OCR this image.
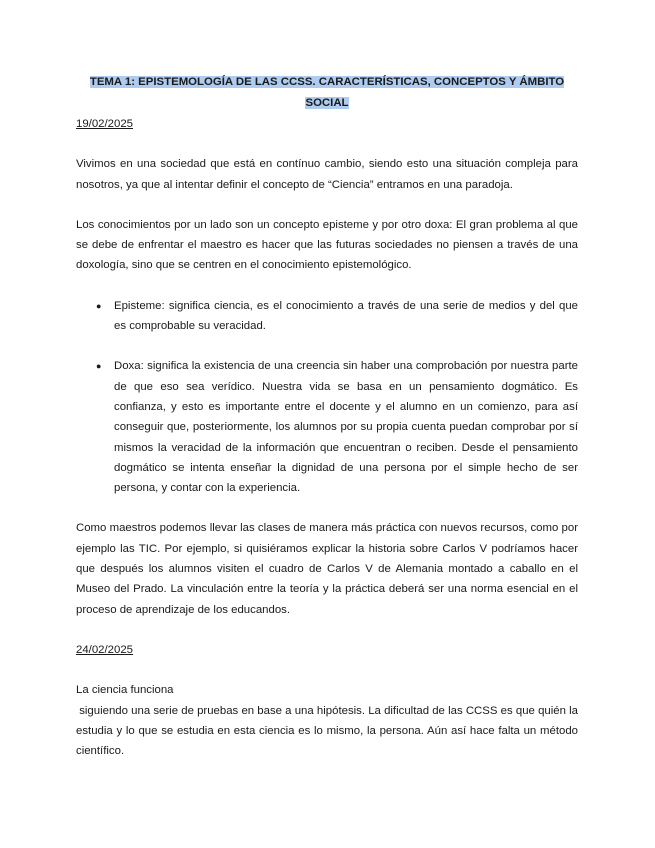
TEMA 1: EPISTEMOLOGÍA DE LAS CCSS. CARACTERÍSTICAS, CONCEPTOS Y ÁMBITO
SOCIAL
19/02/2025

Vivimos en una sociedad que está en contínuo cambio, siendo esto una situación compleja para nosotros, ya que al intentar definir el concepto de “Ciencia” entramos en una paradoja.

Los conocimientos por un lado son un concepto episteme y por otro doxa: El gran problema al que se debe de enfrentar el maestro es hacer que las futuras sociedades no piensen a través de una doxología, sino que se centren en el conocimiento epistemológico.

● Episteme: significa ciencia, es el conocimiento a través de una serie de medios y del que es comprobable su veracidad.
● Doxa: significa la existencia de una creencia sin haber una comprobación por nuestra parte de que eso sea verídico. Nuestra vida se basa en un pensamiento dogmático. Es confianza, y esto es importante entre el docente y el alumno en un comienzo, para así conseguir que, posteriormente, los alumnos por su propia cuenta puedan comprobar por sí mismos la veracidad de la información que encuentran o reciben. Desde el pensamiento dogmático se intenta enseñar la dignidad de una persona por el simple hecho de ser persona, y contar con la experiencia.

Como maestros podemos llevar las clases de manera más práctica con nuevos recursos, como por ejemplo las TIC. Por ejemplo, si quisiéramos explicar la historia sobre Carlos V podríamos hacer que después los alumnos visiten el cuadro de Carlos V de Alemania montado a caballo en el Museo del Prado. La vinculación entre la teoría y la práctica deberá ser una norma esencial en el proceso de aprendizaje de los educandos.

24/02/2025

La ciencia funciona

siguiendo una serie de pruebas en base a una hipótesis. La dificultad de las CCSS es que quién la estudia y lo que se estudia en esta ciencia es lo mismo, la persona. Aún así hace falta un método científico.
